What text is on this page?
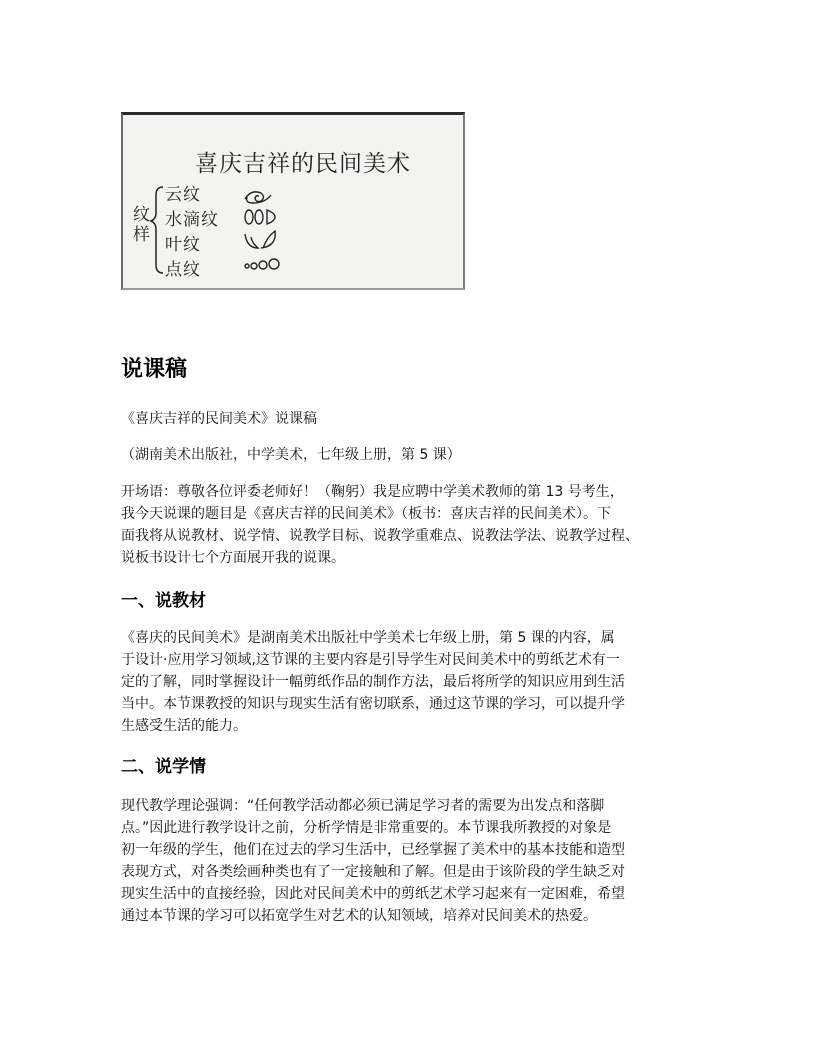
喜庆吉祥的民间美术
纹样
云纹
水滴纹
叶纹
点纹
说课稿

《喜庆吉祥的民间美术》说课稿

（湖南美术出版社，中学美术，七年级上册，第 5 课）

开场语：尊敬各位评委老师好！（鞠躬）我是应聘中学美术教师的第 13 号考生，
我今天说课的题目是《喜庆吉祥的民间美术》（板书：喜庆吉祥的民间美术）。下
面我将从说教材、说学情、说教学目标、说教学重难点、说教法学法、说教学过程、
说板书设计七个方面展开我的说课。
一、说教材
《喜庆的民间美术》是湖南美术出版社中学美术七年级上册，第 5 课的内容，属
于设计·应用学习领域,这节课的主要内容是引导学生对民间美术中的剪纸艺术有一
定的了解，同时掌握设计一幅剪纸作品的制作方法，最后将所学的知识应用到生活
当中。本节课教授的知识与现实生活有密切联系，通过这节课的学习，可以提升学
生感受生活的能力。
二、说学情
现代教学理论强调：“任何教学活动都必须已满足学习者的需要为出发点和落脚
点。”因此进行教学设计之前，分析学情是非常重要的。本节课我所教授的对象是
初一年级的学生，他们在过去的学习生活中，已经掌握了美术中的基本技能和造型
表现方式，对各类绘画种类也有了一定接触和了解。但是由于该阶段的学生缺乏对
现实生活中的直接经验，因此对民间美术中的剪纸艺术学习起来有一定困难，希望
通过本节课的学习可以拓宽学生对艺术的认知领域，培养对民间美术的热爱。
